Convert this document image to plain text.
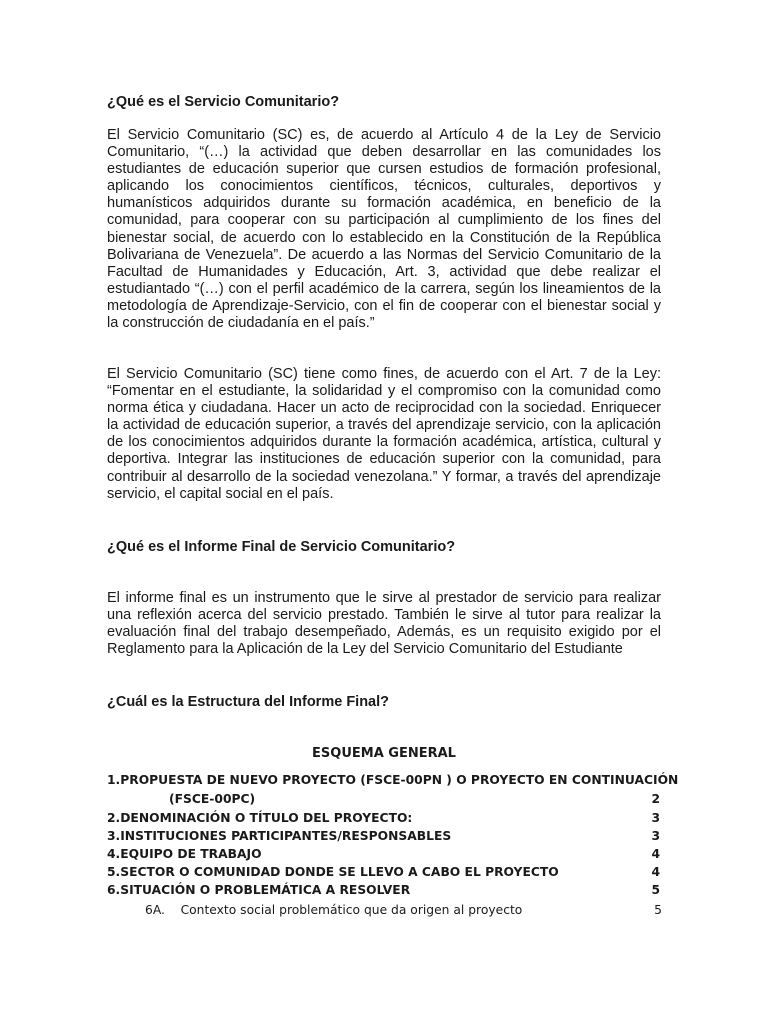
¿Qué es el Servicio Comunitario?

El Servicio Comunitario (SC) es, de acuerdo al Artículo 4 de la Ley de Servicio Comunitario, “(…) la actividad que deben desarrollar en las comunidades los estudiantes de educación superior que cursen estudios de formación profesional, aplicando los conocimientos científicos, técnicos, culturales, deportivos y humanísticos adquiridos durante su formación académica, en beneficio de la comunidad, para cooperar con su participación al cumplimiento de los fines del bienestar social, de acuerdo con lo establecido en la Constitución de la República Bolivariana de Venezuela”. De acuerdo a las Normas del Servicio Comunitario de la Facultad de Humanidades y Educación, Art. 3, actividad que debe realizar el estudiantado “(…) con el perfil académico de la carrera, según los lineamientos de la metodología de Aprendizaje-Servicio, con el fin de cooperar con el bienestar social y la construcción de ciudadanía en el país.”

El Servicio Comunitario (SC) tiene como fines, de acuerdo con el Art. 7 de la Ley: “Fomentar en el estudiante, la solidaridad y el compromiso con la comunidad como norma ética y ciudadana. Hacer un acto de reciprocidad con la sociedad. Enriquecer la actividad de educación superior, a través del aprendizaje servicio, con la aplicación de los conocimientos adquiridos durante la formación académica, artística, cultural y deportiva. Integrar las instituciones de educación superior con la comunidad, para contribuir al desarrollo de la sociedad venezolana.” Y formar, a través del aprendizaje servicio, el capital social en el país.

¿Qué es el Informe Final de Servicio Comunitario?

El informe final es un instrumento que le sirve al prestador de servicio para realizar una reflexión acerca del servicio prestado. También le sirve al tutor para realizar la evaluación final del trabajo desempeñado, Además, es un requisito exigido por el Reglamento para la Aplicación de la Ley del Servicio Comunitario del Estudiante

¿Cuál es la Estructura del Informe Final?
ESQUEMA GENERAL
1.PROPUESTA DE NUEVO PROYECTO (FSCE-00PN ) O PROYECTO EN CONTINUACIÓN
(FSCE-00PC)	2
2.DENOMINACIÓN O TÍTULO DEL PROYECTO:	3
3.INSTITUCIONES PARTICIPANTES/RESPONSABLES	3
4.EQUIPO DE TRABAJO	4
5.SECTOR O COMUNIDAD DONDE SE LLEVO A CABO EL PROYECTO	4
6.SITUACIÓN O PROBLEMÁTICA A RESOLVER	5
6A.    Contexto social problemático que da origen al proyecto	5
